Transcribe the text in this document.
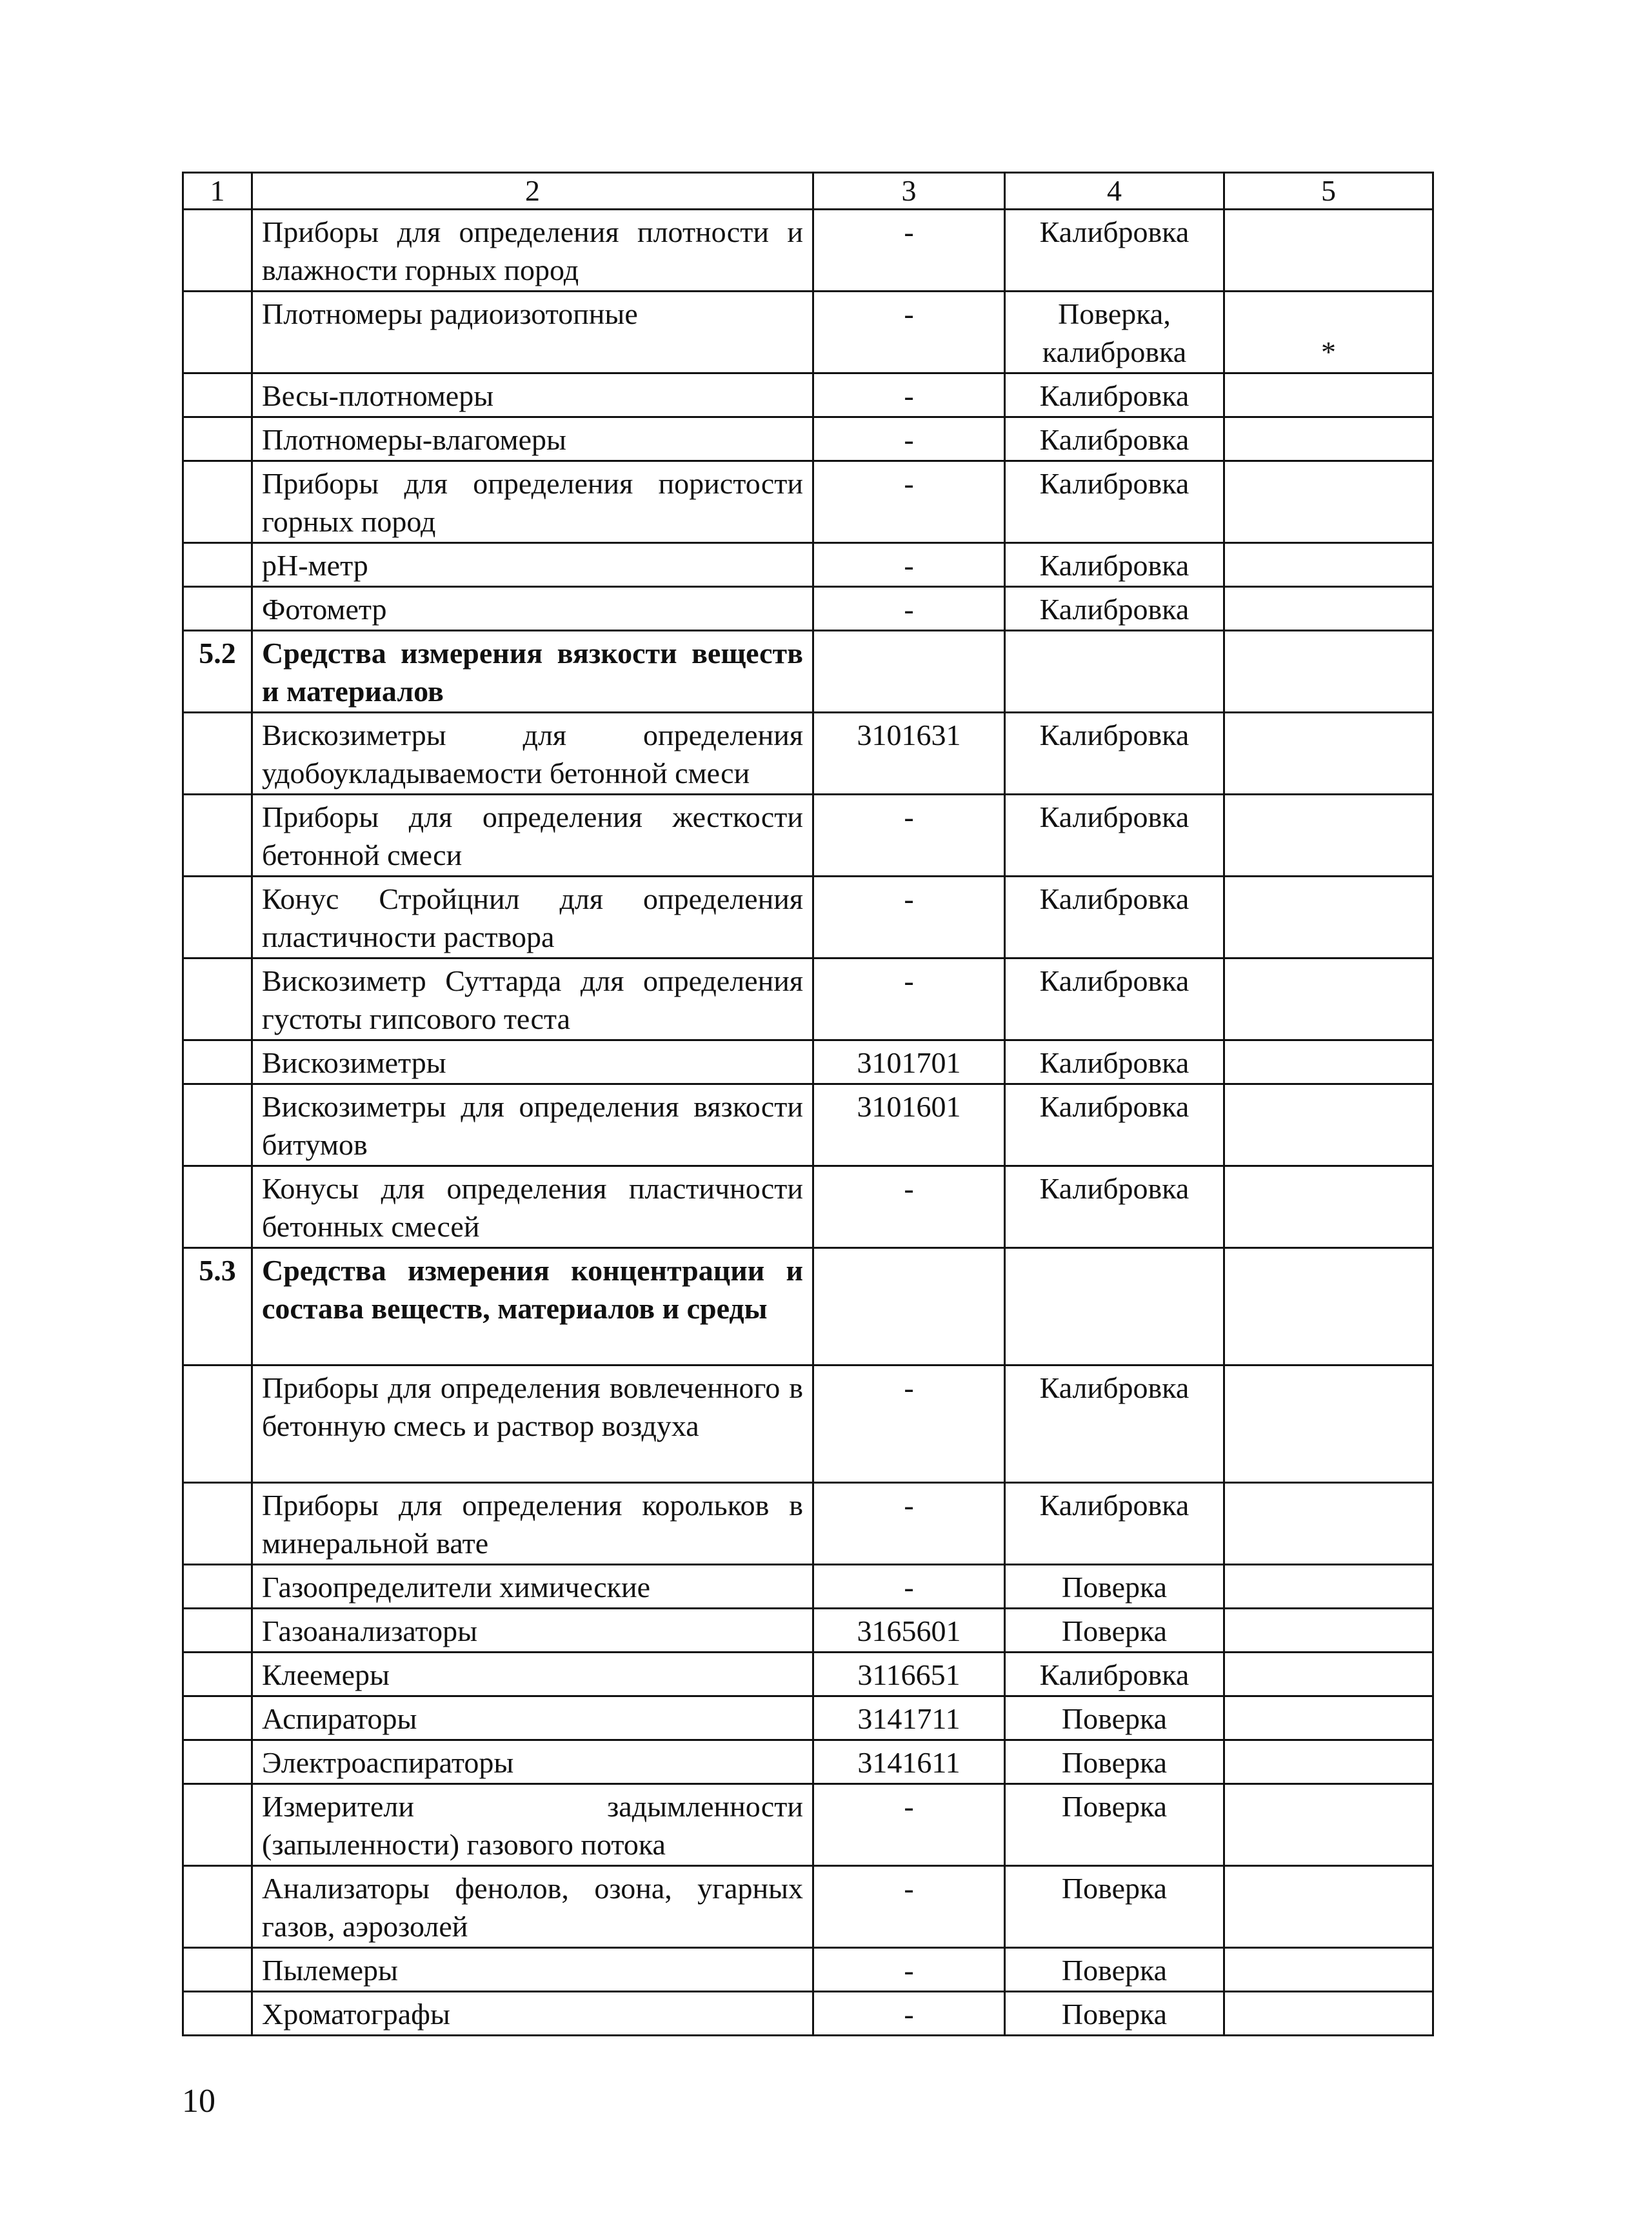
1	2	3	4	5
	Приборы для определения плотности и влажности горных пород	-	Калибровка	
	Плотномеры радиоизотопные	-	Поверка, калибровка	*
	Весы-плотномеры	-	Калибровка	
	Плотномеры-влагомеры	-	Калибровка	
	Приборы для определения пористости горных пород	-	Калибровка	
	pH-метр	-	Калибровка	
	Фотометр	-	Калибровка	
5.2	Средства измерения вязкости веществ и материалов			
	Вискозиметры для определения удобоукладываемости бетонной смеси	3101631	Калибровка	
	Приборы для определения жесткости бетонной смеси	-	Калибровка	
	Конус Стройцнил для определения пластичности раствора	-	Калибровка	
	Вискозиметр Суттарда для определения густоты гипсового теста	-	Калибровка	
	Вискозиметры	3101701	Калибровка	
	Вискозиметры для определения вязкости битумов	3101601	Калибровка	
	Конусы для определения пластичности бетонных смесей	-	Калибровка	
5.3	Средства измерения концентрации и состава веществ, материалов и среды			
	Приборы для определения вовлеченного в бетонную смесь и раствор воздуха	-	Калибровка	
	Приборы для определения корольков в минеральной вате	-	Калибровка	
	Газоопределители химические	-	Поверка	
	Газоанализаторы	3165601	Поверка	
	Клеемеры	3116651	Калибровка	
	Аспираторы	3141711	Поверка	
	Электроаспираторы	3141611	Поверка	
	Измерители задымленности (запыленности) газового потока	-	Поверка	
	Анализаторы фенолов, озона, угарных газов, аэрозолей	-	Поверка	
	Пылемеры	-	Поверка	
	Хроматографы	-	Поверка	
10
